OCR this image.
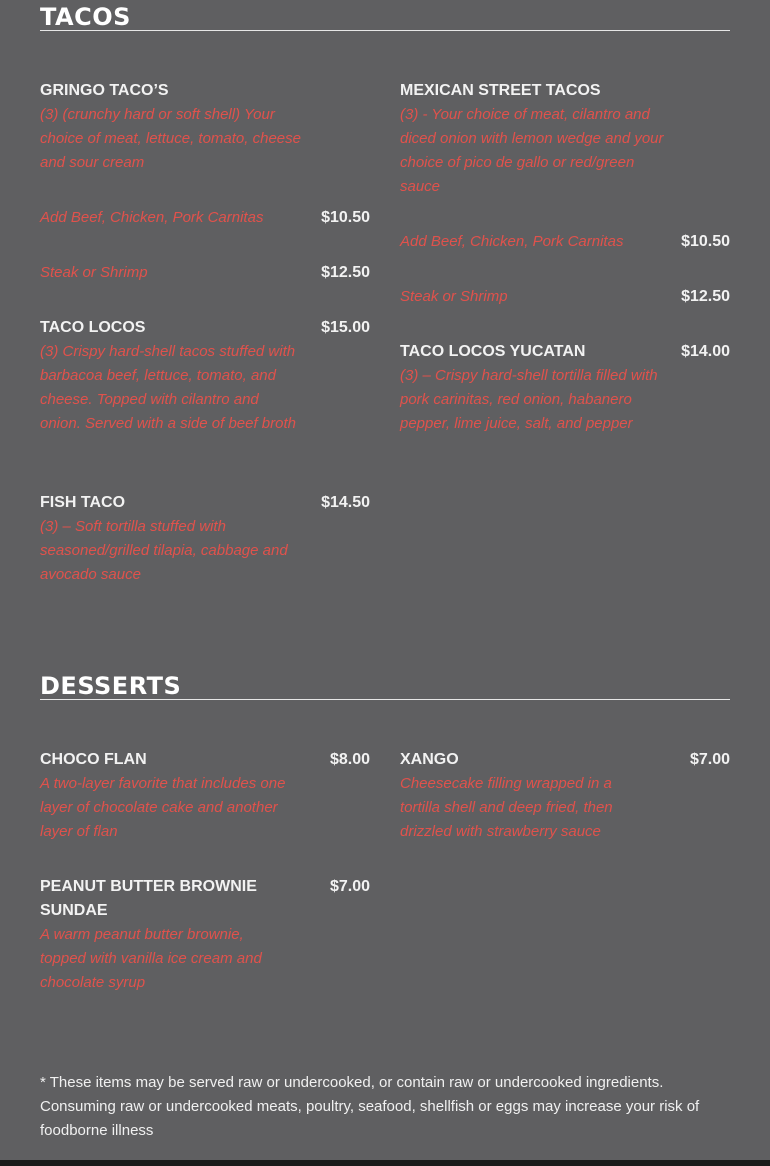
TACOS
GRINGO TACO’S
(3) (crunchy hard or soft shell) Your choice of meat, lettuce, tomato, cheese and sour cream
Add Beef, Chicken, Pork Carnitas	$10.50
Steak or Shrimp	$12.50
TACO LOCOS
(3) Crispy hard-shell tacos stuffed with barbacoa beef, lettuce, tomato, and cheese. Topped with cilantro and onion. Served with a side of beef broth
$15.00
FISH TACO
(3) – Soft tortilla stuffed with seasoned/grilled tilapia, cabbage and avocado sauce
$14.50
MEXICAN STREET TACOS
(3) - Your choice of meat, cilantro and diced onion with lemon wedge and your choice of pico de gallo or red/green sauce
Add Beef, Chicken, Pork Carnitas	$10.50
Steak or Shrimp	$12.50
TACO LOCOS YUCATAN
(3) – Crispy hard-shell tortilla filled with pork carinitas, red onion, habanero pepper, lime juice, salt, and pepper
$14.00
DESSERTS
CHOCO FLAN
A two-layer favorite that includes one layer of chocolate cake and another layer of flan
$8.00
PEANUT BUTTER BROWNIE SUNDAE
A warm peanut butter brownie, topped with vanilla ice cream and chocolate syrup
$7.00
XANGO
Cheesecake filling wrapped in a tortilla shell and deep fried, then drizzled with strawberry sauce
$7.00
* These items may be served raw or undercooked, or contain raw or undercooked ingredients. Consuming raw or undercooked meats, poultry, seafood, shellfish or eggs may increase your risk of foodborne illness
